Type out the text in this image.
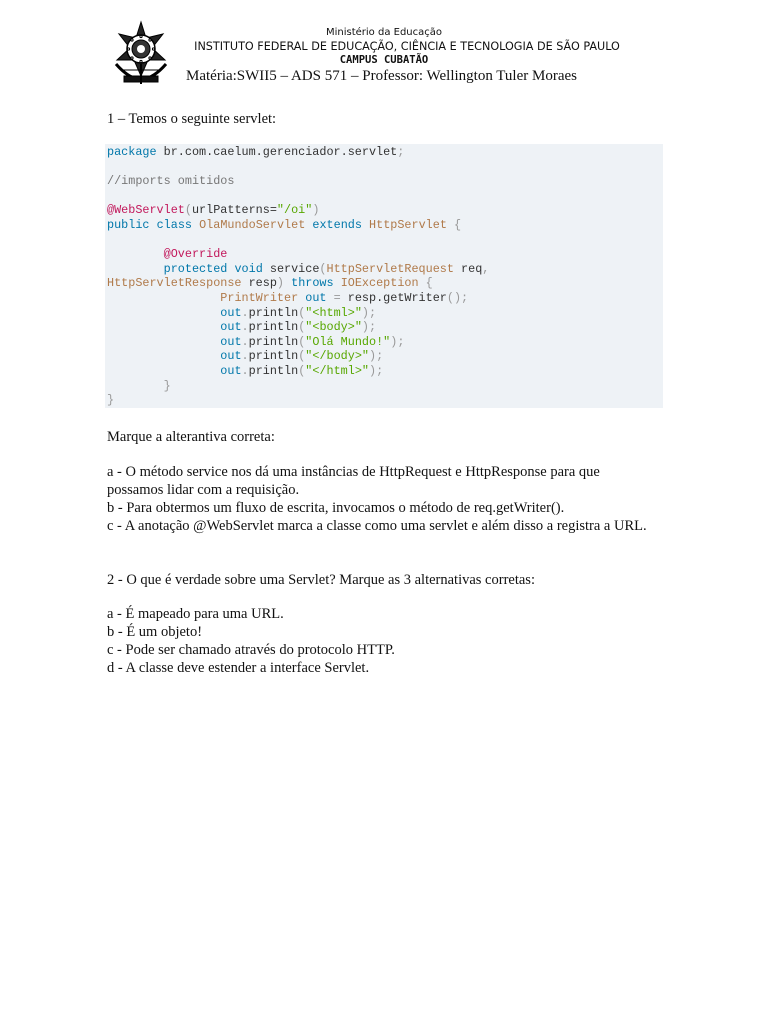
Ministério da Educação
INSTITUTO FEDERAL DE EDUCAÇÃO, CIÊNCIA E TECNOLOGIA DE SÃO PAULO
CAMPUS CUBATÃO
Matéria:SWII5 – ADS 571 – Professor: Wellington Tuler Moraes
1 – Temos o seguinte servlet:
package br.com.caelum.gerenciador.servlet;

//imports omitidos

@WebServlet(urlPatterns="/oi")
public class OlaMundoServlet extends HttpServlet {

@Override
protected void service(HttpServletRequest req,
HttpServletResponse resp) throws IOException {
PrintWriter out = resp.getWriter();
out.println("<html>");
out.println("<body>");
out.println("Olá Mundo!");
out.println("</body>");
out.println("</html>");
}
}
Marque a alterantiva correta:
a - O método service nos dá uma instâncias de HttpRequest e HttpResponse para que possamos lidar com a requisição.
b - Para obtermos um fluxo de escrita, invocamos o método de req.getWriter().
c - A anotação @WebServlet marca a classe como uma servlet e além disso a registra a URL.
2 - O que é verdade sobre uma Servlet? Marque as 3 alternativas corretas:
a - É mapeado para uma URL.
b - É um objeto!
c - Pode ser chamado através do protocolo HTTP.
d - A classe deve estender a interface Servlet.
